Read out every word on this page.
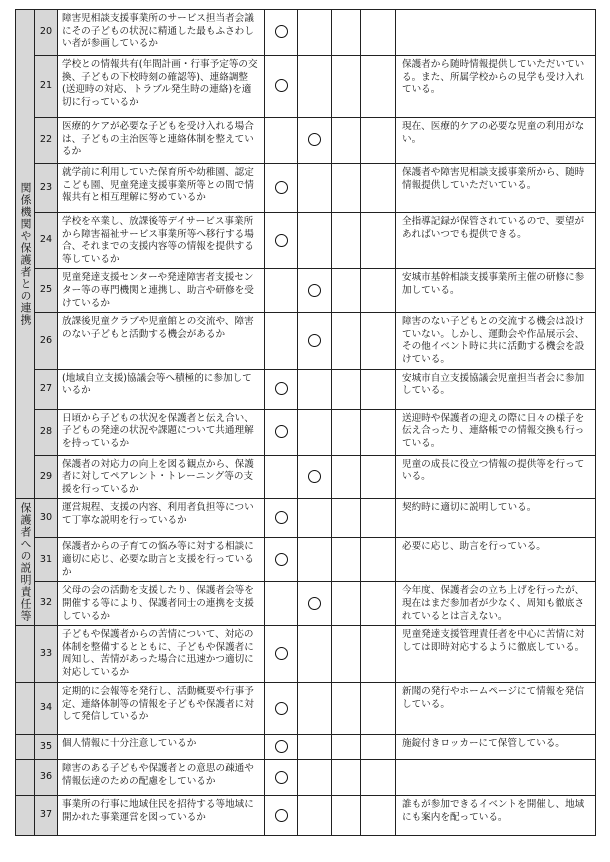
関係機関や保護者との連携	20	障害児相談支援事業所のサービス担当者会議にその子どもの状況に精通した最もふさわしい者が参画しているか					
	21	学校との情報共有(年間計画・行事予定等の交換、子どもの下校時刻の確認等)、連絡調整(送迎時の対応、トラブル発生時の連絡)を適切に行っているか					保護者から随時情報提供していただいている。また、所属学校からの見学も受け入れている。
	22	医療的ケアが必要な子どもを受け入れる場合は、子どもの主治医等と連絡体制を整えているか					現在、医療的ケアの必要な児童の利用がない。
	23	就学前に利用していた保育所や幼稚園、認定こども園、児童発達支援事業所等との間で情報共有と相互理解に努めているか					保護者や障害児相談支援事業所から、随時情報提供していただいている。
	24	学校を卒業し、放課後等デイサービス事業所から障害福祉サービス事業所等へ移行する場合、それまでの支援内容等の情報を提供する等しているか					全指導記録が保管されているので、要望があればいつでも提供できる。
	25	児童発達支援センターや発達障害者支援センター等の専門機関と連携し、助言や研修を受けているか					安城市基幹相談支援事業所主催の研修に参加している。
	26	放課後児童クラブや児童館との交流や、障害のない子どもと活動する機会があるか					障害のない子どもとの交流する機会は設けていない。しかし、運動会や作品展示会、その他イベント時に共に活動する機会を設けている。
	27	(地域自立支援)協議会等へ積極的に参加しているか					安城市自立支援協議会児童担当者会に参加している。
	28	日頃から子どもの状況を保護者と伝え合い、子どもの発達の状況や課題について共通理解を持っているか					送迎時や保護者の迎えの際に日々の様子を伝え合ったり、連絡帳での情報交換も行っている。
	29	保護者の対応力の向上を図る観点から、保護者に対してペアレント・トレーニング等の支援を行っているか					児童の成長に役立つ情報の提供等を行っている。

保護者への説明責任等	30	運営規程、支援の内容、利用者負担等について丁寧な説明を行っているか					契約時に適切に説明している。
	31	保護者からの子育ての悩み等に対する相談に適切に応じ、必要な助言と支援を行っているか					必要に応じ、助言を行っている。
	32	父母の会の活動を支援したり、保護者会等を開催する等により、保護者同士の連携を支援しているか					今年度、保護者会の立ち上げを行ったが、現在はまだ参加者が少なく、周知も徹底されているとは言えない。
	33	子どもや保護者からの苦情について、対応の体制を整備するとともに、子どもや保護者に周知し、苦情があった場合に迅速かつ適切に対応しているか					児童発達支援管理責任者を中心に苦情に対しては即時対応するように徹底している。
	34	定期的に会報等を発行し、活動概要や行事予定、連絡体制等の情報を子どもや保護者に対して発信しているか					新聞の発行やホームページにて情報を発信している。
	35	個人情報に十分注意しているか					施錠付きロッカーにて保管している。
	36	障害のある子どもや保護者との意思の疎通や情報伝達のための配慮をしているか					
	37	事業所の行事に地域住民を招待する等地域に開かれた事業運営を図っているか					誰もが参加できるイベントを開催し、地域にも案内を配っている。
